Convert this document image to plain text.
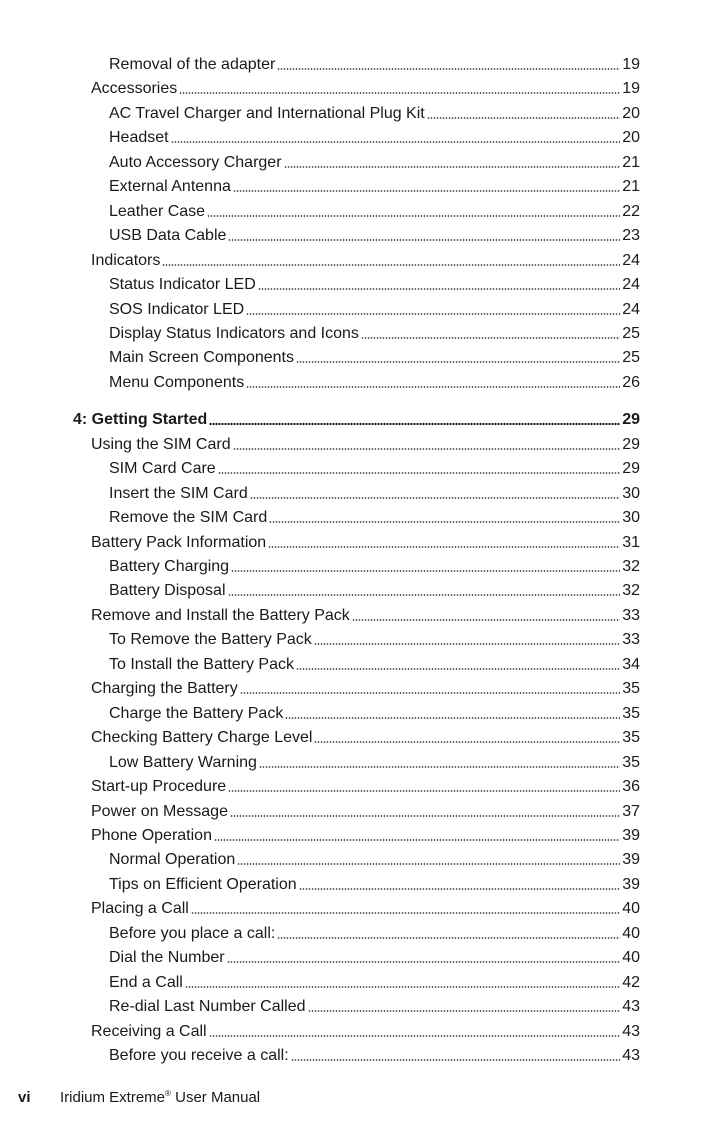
Removal of the adapter	19
Accessories	19
AC Travel Charger and International Plug Kit	20
Headset	20
Auto Accessory Charger	21
External Antenna	21
Leather Case	22
USB Data Cable	23
Indicators	24
Status Indicator LED	24
SOS Indicator LED	24
Display Status Indicators and Icons	25
Main Screen Components	25
Menu Components	26
4: Getting Started	29
Using the SIM Card	29
SIM Card Care	29
Insert the SIM Card	30
Remove the SIM Card	30
Battery Pack Information	31
Battery Charging	32
Battery Disposal	32
Remove and Install the Battery Pack	33
To Remove the Battery Pack	33
To Install the Battery Pack	34
Charging the Battery	35
Charge the Battery Pack	35
Checking Battery Charge Level	35
Low Battery Warning	35
Start-up Procedure	36
Power on Message	37
Phone Operation	39
Normal Operation	39
Tips on Efficient Operation	39
Placing a Call	40
Before you place a call:	40
Dial the Number	40
End a Call	42
Re-dial Last Number Called	43
Receiving a Call	43
Before you receive a call:	43
vi Iridium Extreme® User Manual
